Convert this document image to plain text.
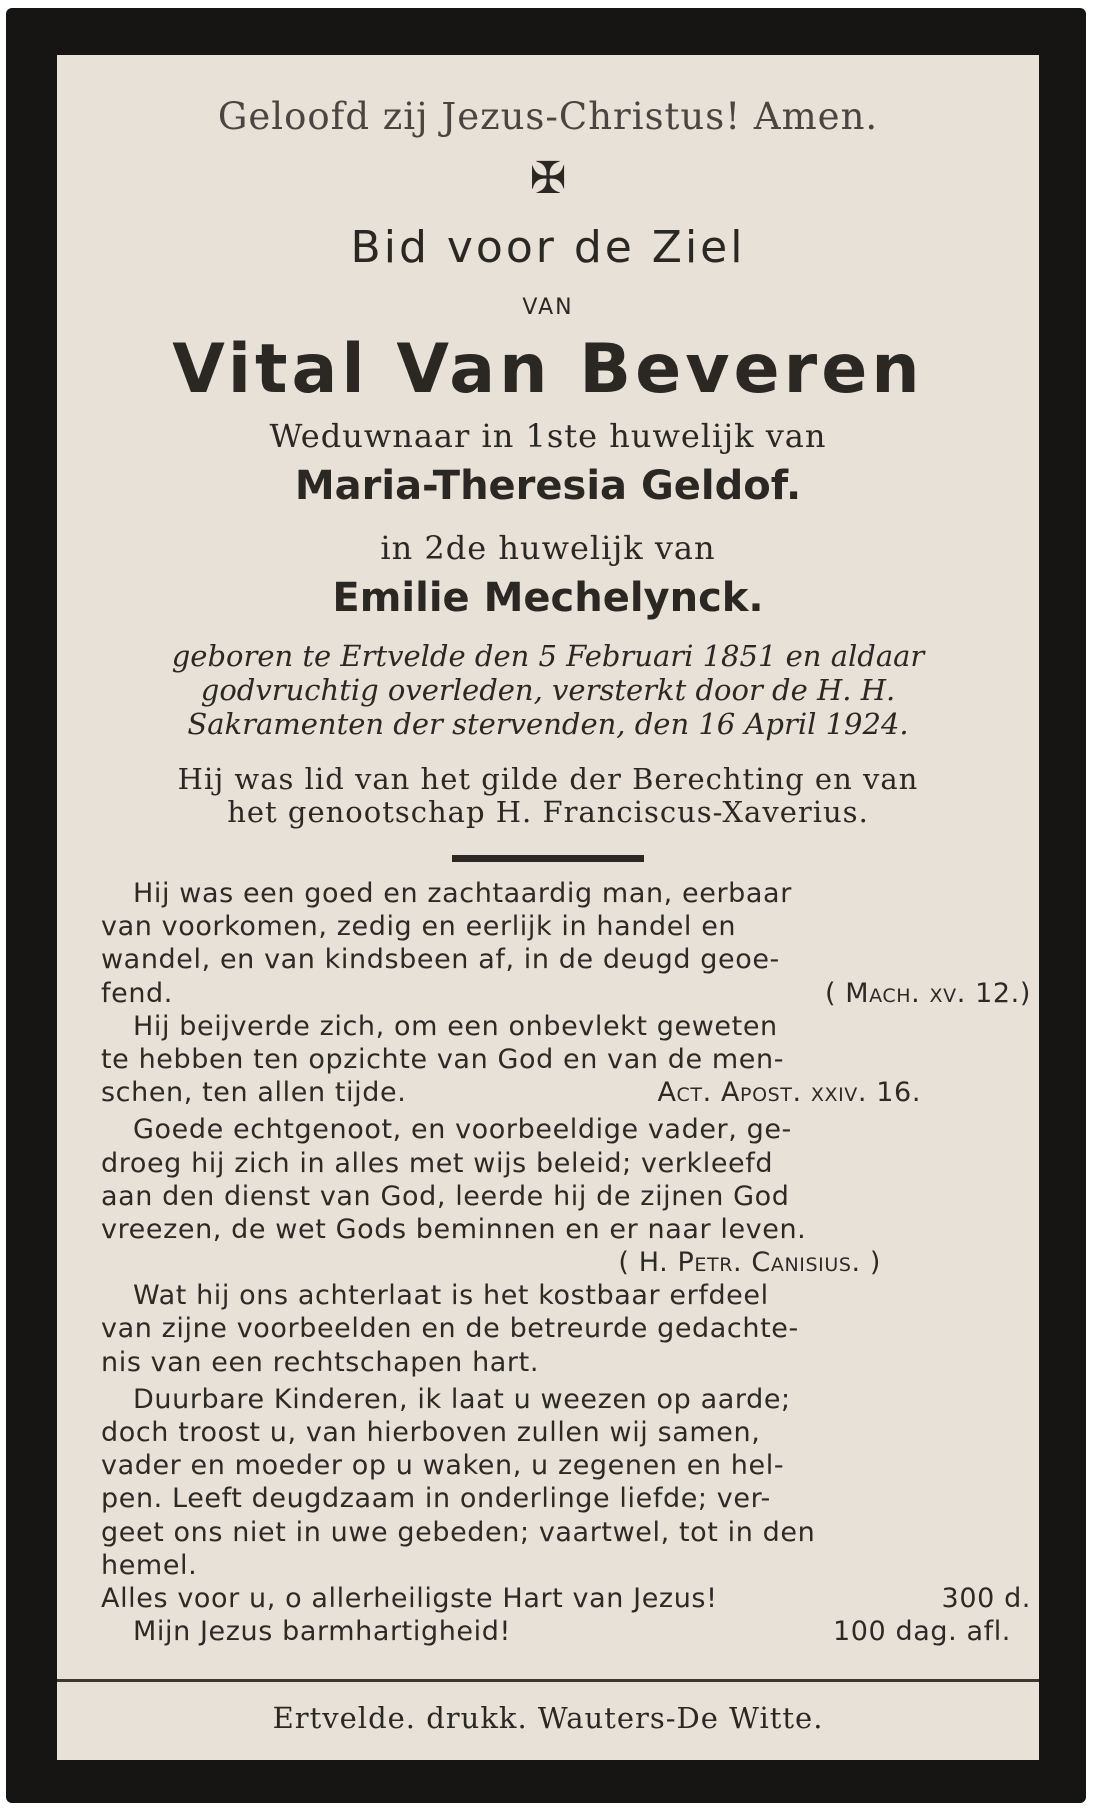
Geloofd zij Jezus-Christus! Amen.
✠
Bid voor de Ziel
VAN
Vital Van Beveren
Weduwnaar in 1ste huwelijk van
Maria-Theresia Geldof.
in 2de huwelijk van
Emilie Mechelynck.
geboren te Ertvelde den 5 Februari 1851 en aldaar
godvruchtig overleden, versterkt door de H. H.
Sakramenten der stervenden, den 16 April 1924.
Hij was lid van het gilde der Berechting en van
het genootschap H. Franciscus-Xaverius.
Hij was een goed en zachtaardig man, eerbaar
van voorkomen, zedig en eerlijk in handel en
wandel, en van kindsbeen af, in de deugd geoe-
fend.	( Mach. xv. 12.)
Hij beijverde zich, om een onbevlekt geweten
te hebben ten opzichte van God en van de men-
schen, ten allen tijde.	Act. Apost. xxiv. 16.
Goede echtgenoot, en voorbeeldige vader, ge-
droeg hij zich in alles met wijs beleid; verkleefd
aan den dienst van God, leerde hij de zijnen God
vreezen, de wet Gods beminnen en er naar leven.
( H. Petr. Canisius. )
Wat hij ons achterlaat is het kostbaar erfdeel
van zijne voorbeelden en de betreurde gedachte-
nis van een rechtschapen hart.
Duurbare Kinderen, ik laat u weezen op aarde;
doch troost u, van hierboven zullen wij samen,
vader en moeder op u waken, u zegenen en hel-
pen. Leeft deugdzaam in onderlinge liefde; ver-
geet ons niet in uwe gebeden; vaartwel, tot in den
hemel.
Alles voor u, o allerheiligste Hart van Jezus!	300 d.
Mijn Jezus barmhartigheid!	100 dag. afl.
Ertvelde. drukk. Wauters-De Witte.
